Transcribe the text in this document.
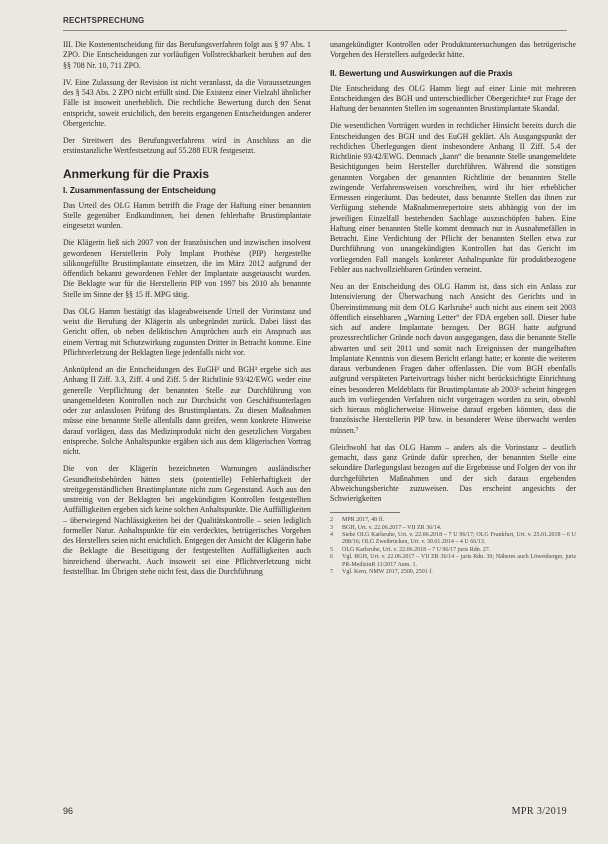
RECHTSPRECHUNG

III. Die Kostenentscheidung für das Berufungsverfahren folgt aus § 97 Abs. 1 ZPO. Die Entscheidungen zur vorläufigen Vollstreckbarkeit beruhen auf den §§ 708 Nr. 10, 711 ZPO.

IV. Eine Zulassung der Revision ist nicht veranlasst, da die Voraussetzungen des § 543 Abs. 2 ZPO nicht erfüllt sind. Die Existenz einer Vielzahl ähnlicher Fälle ist insoweit unerheblich. Die rechtliche Bewertung durch den Senat entspricht, soweit ersichtlich, den bereits ergangenen Entscheidungen anderer Obergerichte.

Der Streitwert des Berufungsverfahrens wird in Anschluss an die erstinstanzliche Wertfestsetzung auf 55.288 EUR festgesetzt.

Anmerkung für die Praxis
I. Zusammenfassung der Entscheidung

Das Urteil des OLG Hamm betrifft die Frage der Haftung einer benannten Stelle gegenüber Endkundinnen, bei denen fehlerhafte Brustimplantate eingesetzt wurden.

Die Klägerin ließ sich 2007 von der französischen und inzwischen insolvent gewordenen Herstellerin Poly Implant Prothèse (PIP) hergestellte silikongefüllte Brustimplantate einsetzen, die im März 2012 aufgrund der öffentlich bekannt gewordenen Fehler der Implantate ausgetauscht wurden. Die Beklagte war für die Herstellerin PIP von 1997 bis 2010 als benannte Stelle im Sinne der §§ 15 ff. MPG tätig.

Das OLG Hamm bestätigt das klageabweisende Urteil der Vorinstanz und weist die Berufung der Klägerin als unbegründet zurück. Dabei lässt das Gericht offen, ob neben deliktischen Ansprüchen auch ein Anspruch aus einem Vertrag mit Schutzwirkung zugunsten Dritter in Betracht komme. Eine Pflichtverletzung der Beklagten liege jedenfalls nicht vor.

Anknüpfend an die Entscheidungen des EuGH² und BGH³ ergebe sich aus Anhang II Ziff. 3.3, Ziff. 4 und Ziff. 5 der Richtlinie 93/42/EWG weder eine generelle Verpflichtung der benannten Stelle zur Durchführung von unangemeldeten Kontrollen noch zur Durchsicht von Geschäftsunterlagen oder zur anlasslosen Prüfung des Brustimplantats. Zu diesen Maßnahmen müsse eine benannte Stelle allenfalls dann greifen, wenn konkrete Hinweise darauf vorlägen, dass das Medizinprodukt nicht den gesetzlichen Vorgaben entspreche. Solche Anhaltspunkte ergäben sich aus dem klägerischen Vortrag nicht.

Die von der Klägerin bezeichneten Warnungen ausländischer Gesundheitsbehörden hätten stets (potentielle) Fehlerhaftigkeit der streitgegenständlichen Brustimplantate nicht zum Gegenstand. Auch aus den unstreitig von der Beklagten bei angekündigten Kontrollen festgestellten Auffälligkeiten ergeben sich keine solchen Anhaltspunkte. Die Auffälligkeiten – überwiegend Nachlässigkeiten bei der Qualitätskontrolle – seien lediglich formeller Natur. Anhaltspunkte für ein verdecktes, betrügerisches Vorgehen des Herstellers seien nicht ersichtlich. Entgegen der Ansicht der Klägerin habe die Beklagte die Beseitigung der festgestellten Auffälligkeiten auch hinreichend überwacht. Auch insoweit sei eine Pflichtverletzung nicht feststellbar. Im Übrigen stehe nicht fest, dass die Durchführung

unangekündigter Kontrollen oder Produktuntersuchungen das betrügerische Vorgehen des Herstellers aufgedeckt hätte.

II. Bewertung und Auswirkungen auf die Praxis

Die Entscheidung des OLG Hamm liegt auf einer Linie mit mehreren Entscheidungen des BGH und unterschiedlicher Obergerichte⁴ zur Frage der Haftung der benannten Stellen im sogenannten Brustimplantate Skandal.

Die wesentlichen Vorträgen wurden in rechtlicher Hinsicht bereits durch die Entscheidungen des BGH und des EuGH geklärt. Als Ausgangspunkt der rechtlichen Überlegungen dient insbesondere Anhang II Ziff. 5.4 der Richtlinie 93/42/EWG. Demnach „kann“ die benannte Stelle unangemeldete Besichtigungen beim Hersteller durchführen. Während die sonstigen genannten Vorgaben der genannten Richtlinie der benannten Stelle zwingende Verfahrensweisen vorschreiben, wird ihr hier erheblicher Ermessen eingeräumt. Das bedeutet, dass benannte Stellen das ihnen zur Verfügung stehende Maßnahmenrepertoire stets abhängig von der im jeweiligen Einzelfall bestehenden Sachlage auszuschöpfen haben. Eine Haftung einer benannten Stelle kommt demnach nur in Ausnahmefällen in Betracht. Eine Verdichtung der Pflicht der benannten Stellen etwa zur Durchführung von unangekündigten Kontrollen hat das Gericht im vorliegenden Fall mangels konkreter Anhaltspunkte für produktbezogene Fehler aus nachvollziehbaren Gründen verneint.

Neu an der Entscheidung des OLG Hamm ist, dass sich ein Anlass zur Intensivierung der Überwachung nach Ansicht des Gerichts und in Übereinstimmung mit dem OLG Karlsruhe⁵ auch nicht aus einem seit 2003 öffentlich einsehbaren „Warning Letter“ der FDA ergeben soll. Dieser habe sich auf andere Implantate bezogen. Der BGH hatte aufgrund prozessrechtlicher Gründe noch davon ausgegangen, dass die benannte Stelle abwarten und seit 2011 und somit nach Ereignissen der mangelhaften Implantate Kenntnis von diesem Bericht erlangt hatte; er konnte die weiteren daraus verbundenen Fragen daher offenlassen. Die vom BGH ebenfalls aufgrund verspäteten Parteivortrags bisher nicht berücksichtigte Einrichtung eines besonderen Meldeblatts für Brustimplantate ab 2003⁶ scheint hingegen auch im vorliegenden Verfahren nicht vorgetragen worden zu sein, obwohl sich hieraus möglicherweise Hinweise darauf ergeben könnten, dass die französische Herstellerin PIP bzw. in besonderer Weise überwacht werden müssen.⁷

Gleichwohl hat das OLG Hamm – anders als die Vorinstanz – deutlich gemacht, dass ganz Gründe dafür sprechen, der benannten Stelle eine sekundäre Darlegungslast bezogen auf die Ergebnisse und Folgen der von ihr durchgeführten Maßnahmen und der sich daraus ergebenden Abweichungsberichte zuzuweisen. Das erscheint angesichts der Schwierigkeiten

2	MPR 2017, 48 ff.
3	BGH, Urt. v. 22.06.2017 – VII ZR 36/14.
4	Siehe OLG Karlsruhe, Urt. v. 22.06.2018 – 7 U 96/17; OLG Frankfurt, Urt. v. 25.01.2018 – 6 U 288/16; OLG Zweibrücken, Urt. v. 30.01.2014 – 4 U 66/13.
5	OLG Karlsruhe, Urt. v. 22.06.2018 – 7 U 96/17 juris Rdn. 27.
6	Vgl. BGH, Urt. v. 22.06.2017 – VII ZR 36/14 – juris Rdn. 30; Näheres auch Löwenberger, juris PR-MedizinR 11/2017 Anm. 1.
7	Vgl. Kern, NMW 2017, 2500, 2501 f.
96	MPR 3/2019
